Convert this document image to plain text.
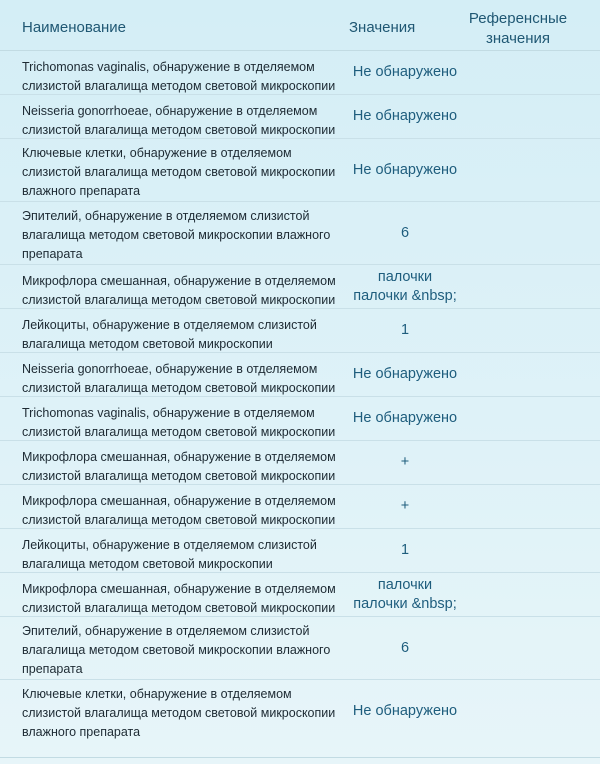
Наименование	Значения
Референсные значения
Trichomonas vaginalis, обнаружение в отделяемом слизистой влагалища методом световой микроскопии
Не обнаружено
Neisseria gonorrhoeae, обнаружение в отделяемом слизистой влагалища методом световой микроскопии
Не обнаружено
Ключевые клетки, обнаружение в отделяемом слизистой влагалища методом световой микроскопии влажного препарата
Не обнаружено
Эпителий, обнаружение в отделяемом слизистой влагалища методом световой микроскопии влажного препарата
6
Микрофлора смешанная, обнаружение в отделяемом слизистой влагалища методом световой микроскопии
палочки палочки &nbsp;
Лейкоциты, обнаружение в отделяемом слизистой влагалища методом световой микроскопии
1
Neisseria gonorrhoeae, обнаружение в отделяемом слизистой влагалища методом световой микроскопии
Не обнаружено
Trichomonas vaginalis, обнаружение в отделяемом слизистой влагалища методом световой микроскопии
Не обнаружено
Микрофлора смешанная, обнаружение в отделяемом слизистой влагалища методом световой микроскопии
+
Микрофлора смешанная, обнаружение в отделяемом слизистой влагалища методом световой микроскопии
+
Лейкоциты, обнаружение в отделяемом слизистой влагалища методом световой микроскопии
1
Микрофлора смешанная, обнаружение в отделяемом слизистой влагалища методом световой микроскопии
палочки палочки &nbsp;
Эпителий, обнаружение в отделяемом слизистой влагалища методом световой микроскопии влажного препарата
6
Ключевые клетки, обнаружение в отделяемом слизистой влагалища методом световой микроскопии влажного препарата
Не обнаружено
